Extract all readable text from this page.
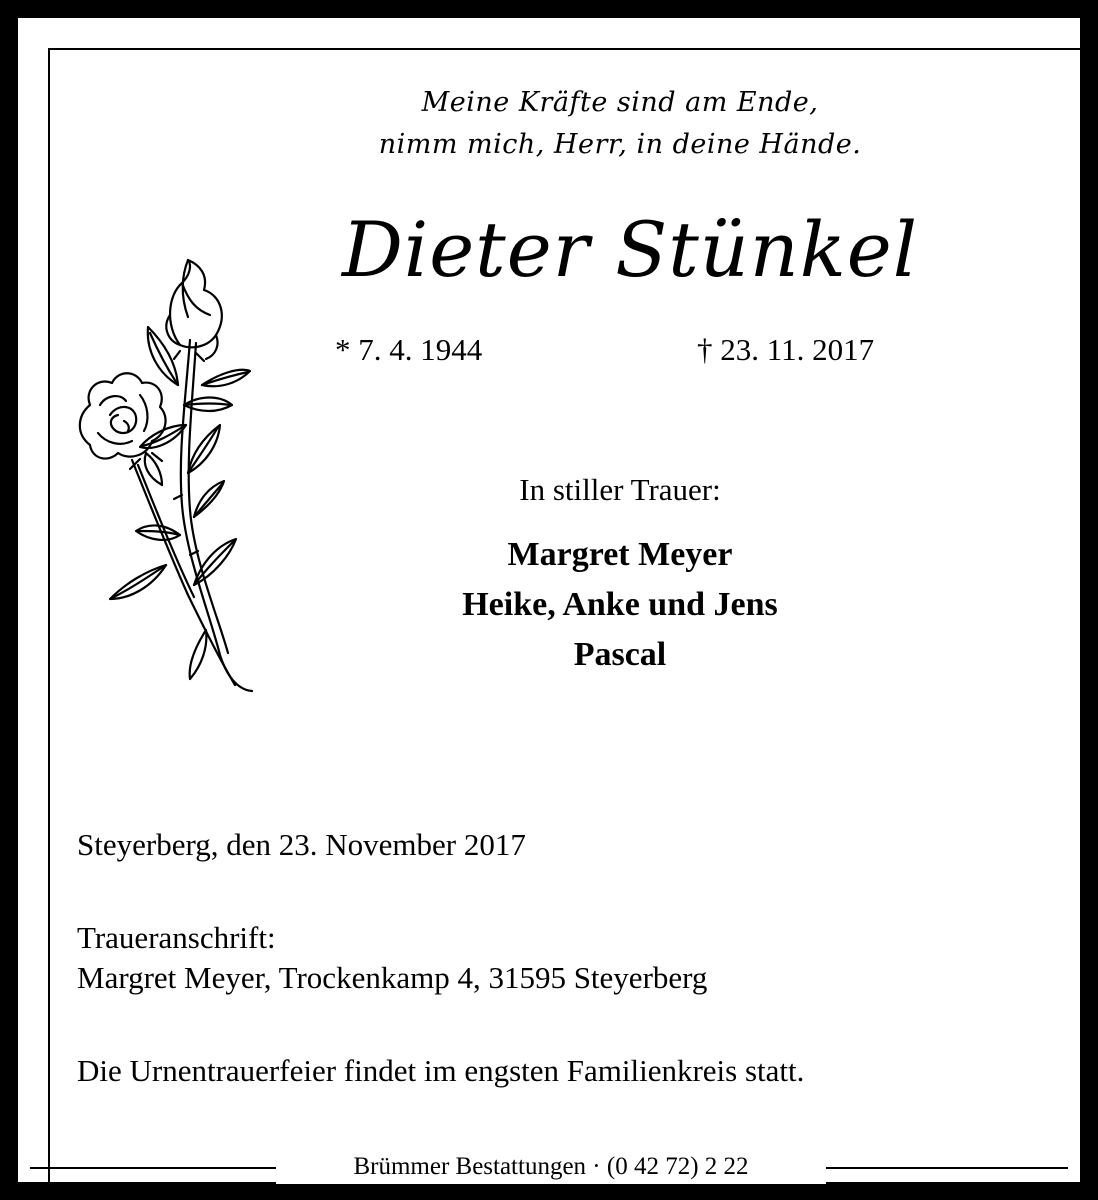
Meine Kräfte sind am Ende,
nimm mich, Herr, in deine Hände.
Dieter Stünkel
* 7. 4. 1944	† 23. 11. 2017
In stiller Trauer:
Margret Meyer
Heike, Anke und Jens
Pascal
Steyerberg, den 23. November 2017
Traueranschrift:
Margret Meyer, Trockenkamp 4, 31595 Steyerberg
Die Urnentrauerfeier findet im engsten Familienkreis statt.
Brümmer Bestattungen · (0 42 72) 2 22
